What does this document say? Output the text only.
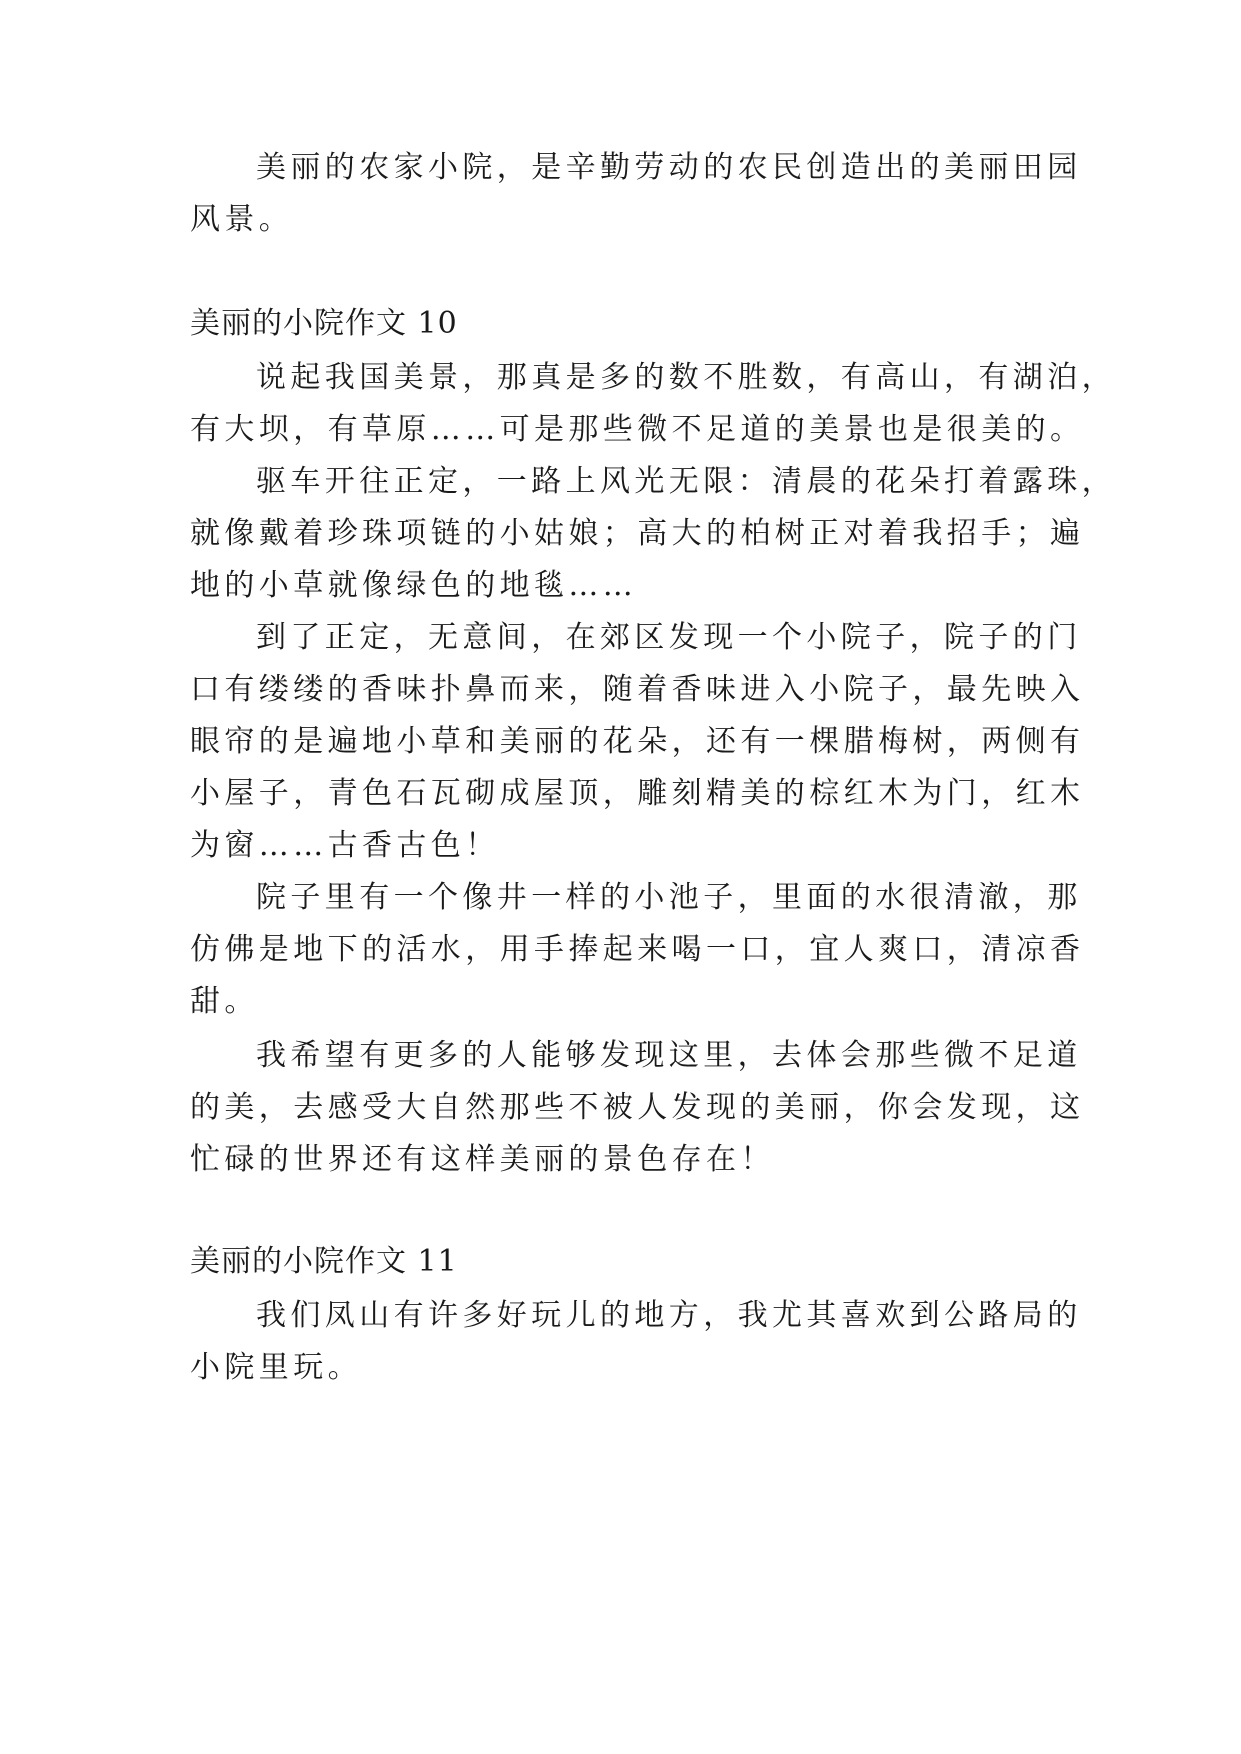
美丽的农家小院，是辛勤劳动的农民创造出的美丽田园
风景。
美丽的小院作文 10
说起我国美景，那真是多的数不胜数，有高山，有湖泊，
有大坝，有草原……可是那些微不足道的美景也是很美的。
驱车开往正定，一路上风光无限：清晨的花朵打着露珠，
就像戴着珍珠项链的小姑娘；高大的柏树正对着我招手；遍
地的小草就像绿色的地毯……
到了正定，无意间，在郊区发现一个小院子，院子的门
口有缕缕的香味扑鼻而来，随着香味进入小院子，最先映入
眼帘的是遍地小草和美丽的花朵，还有一棵腊梅树，两侧有
小屋子，青色石瓦砌成屋顶，雕刻精美的棕红木为门，红木
为窗……古香古色！
院子里有一个像井一样的小池子，里面的水很清澈，那
仿佛是地下的活水，用手捧起来喝一口，宜人爽口，清凉香
甜。
我希望有更多的人能够发现这里，去体会那些微不足道
的美，去感受大自然那些不被人发现的美丽，你会发现，这
忙碌的世界还有这样美丽的景色存在！
美丽的小院作文 11
我们凤山有许多好玩儿的地方，我尤其喜欢到公路局的
小院里玩。
